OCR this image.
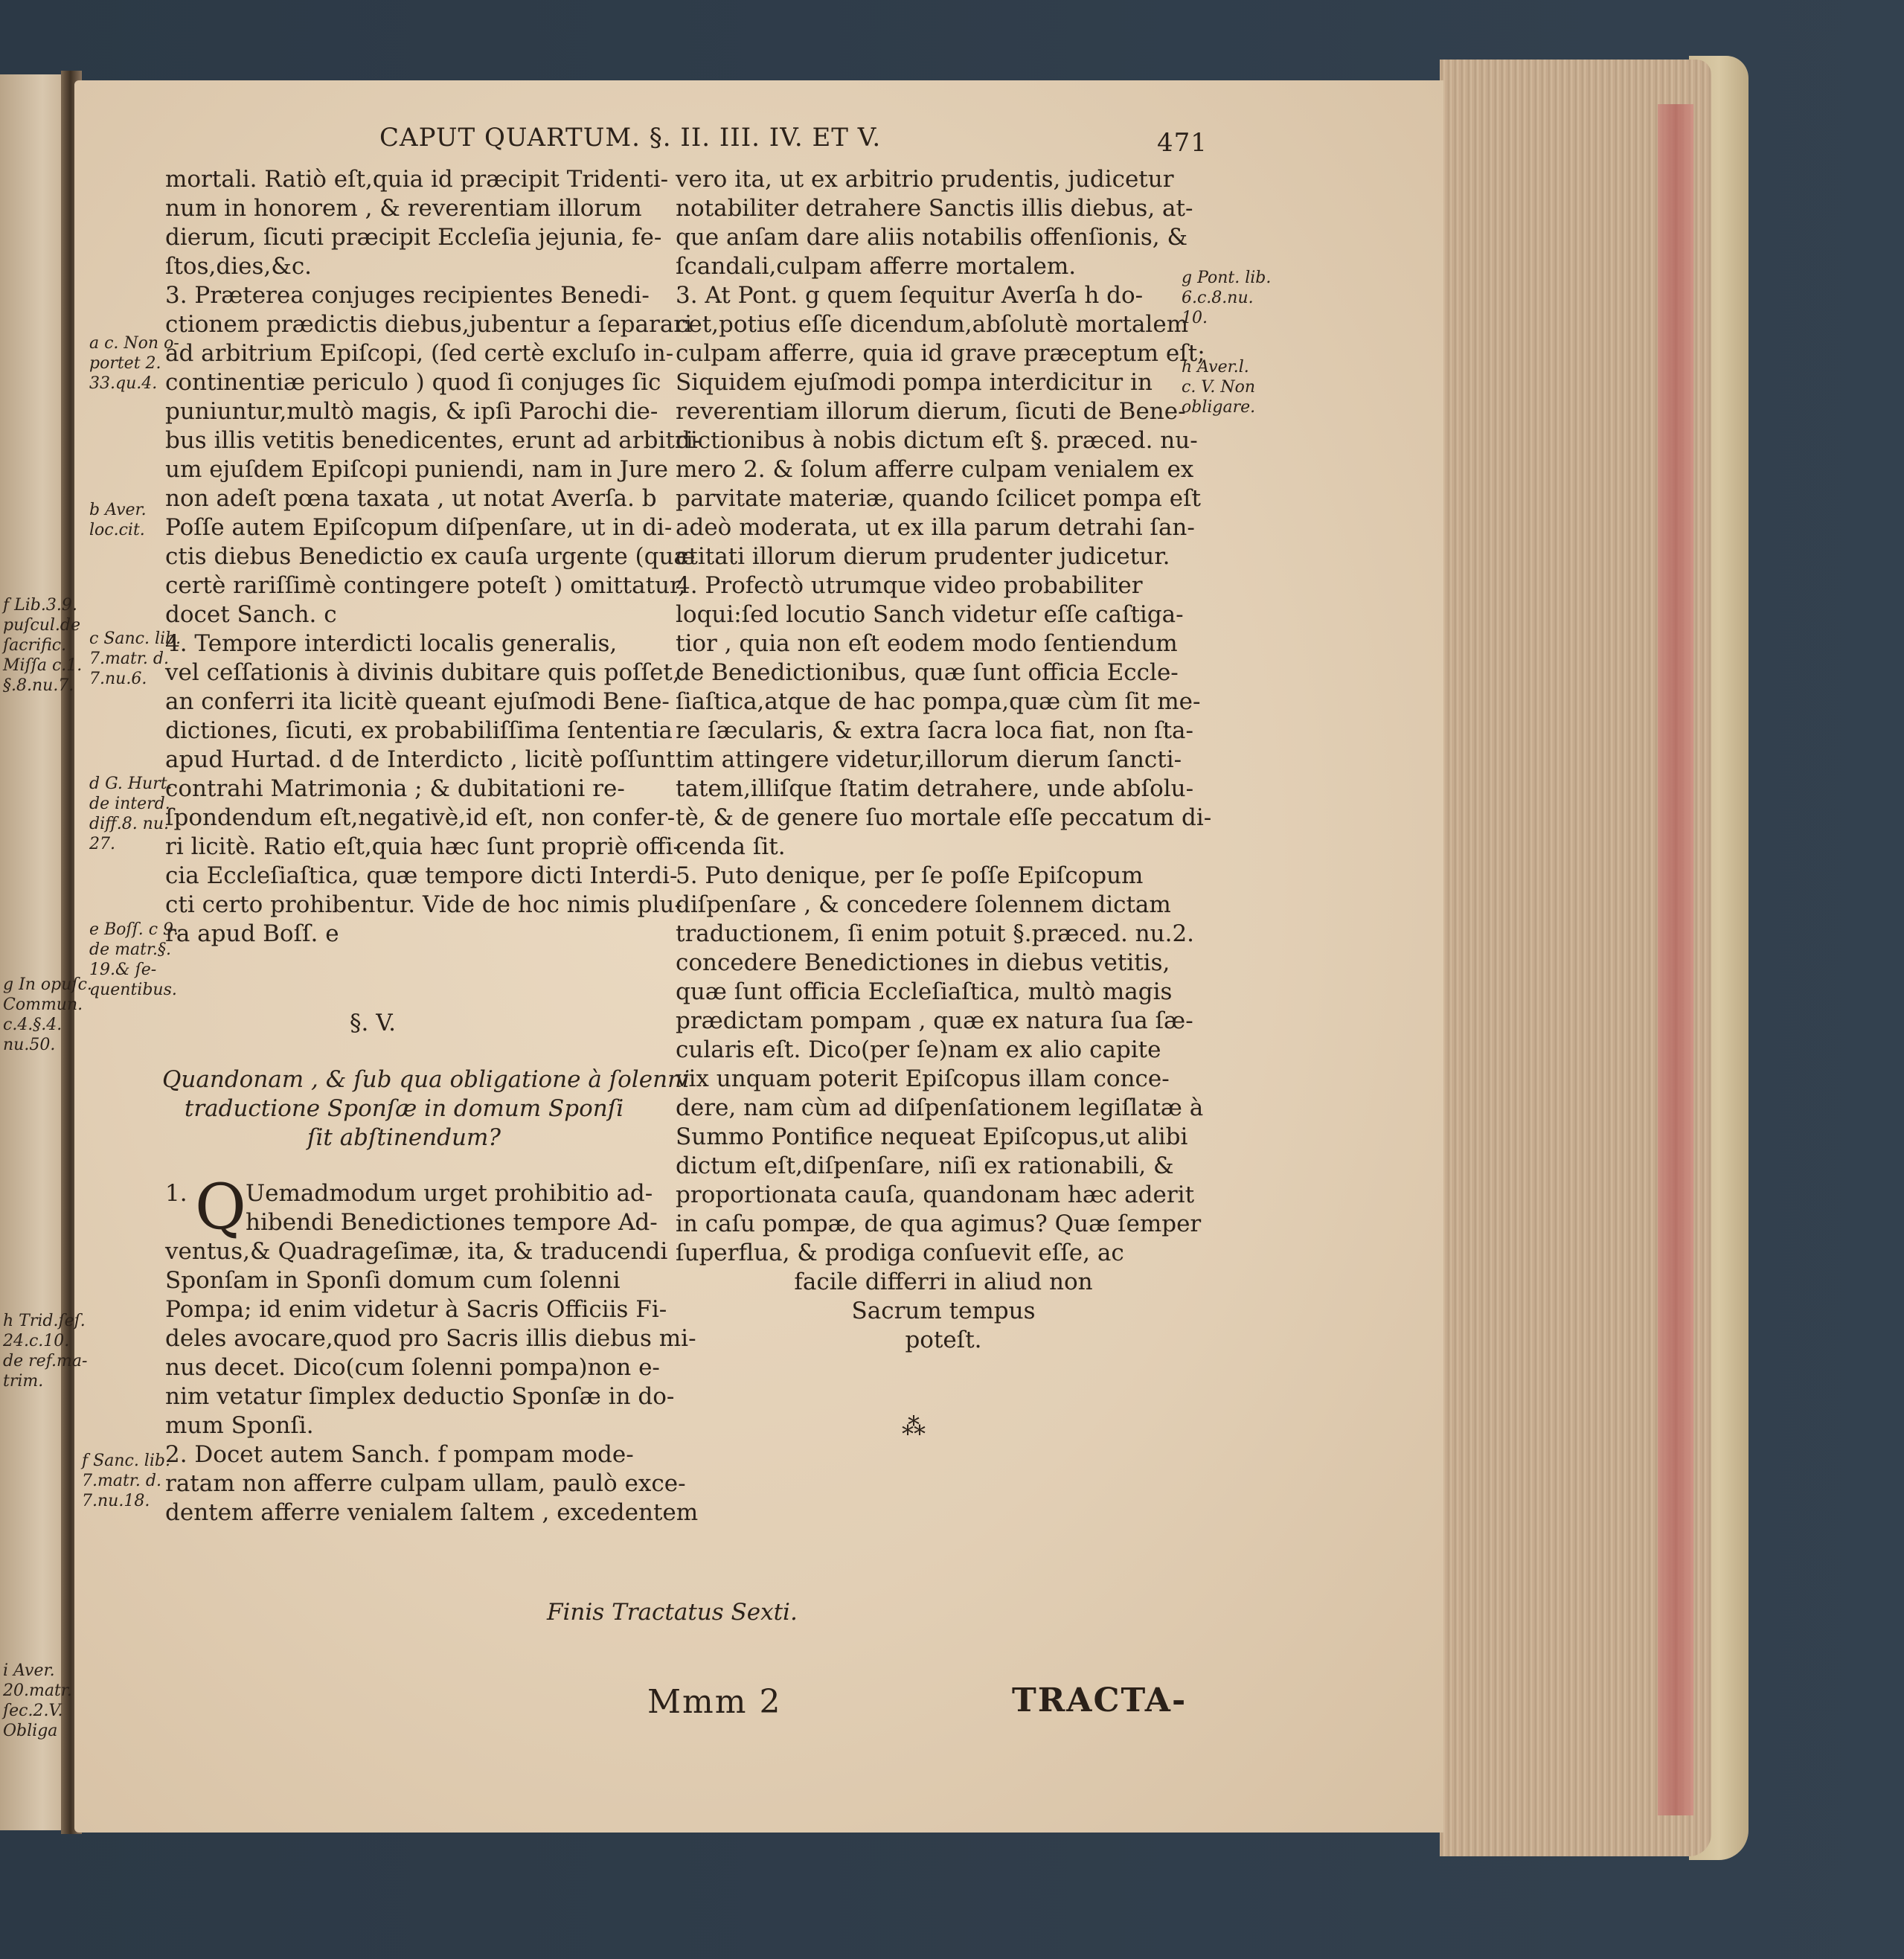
f Lib.3.9.
puſcul.de
ſacrific.
Miſſa c.1.
§.8.nu.7.
g In opuſc.
Commun.
c.4.§.4.
nu.50.
h Trid.ſeſ.
24.c.10.
de ref.ma-
trim.
i Aver.
20.matr.
ſec.2.V.
Obliga
CAPUT QUARTUM. §. II. III. IV. ET V.	471
mortali. Ratiò eſt,quia id præcipit Tridenti-
num in honorem , & reverentiam illorum
dierum, ſicuti præcipit Eccleſia jejunia, fe-
ſtos,dies,&c.
3. Præterea conjuges recipientes Benedi-
ctionem prædictis diebus,jubentur a ſeparari
ad arbitrium Epiſcopi, (ſed certè excluſo in-
continentiæ periculo ) quod ſi conjuges ſic
puniuntur,multò magis, & ipſi Parochi die-
bus illis vetitis benedicentes, erunt ad arbitri-
um ejuſdem Epiſcopi puniendi, nam in Jure
non adeſt pœna taxata , ut notat Averſa. b
Poſſe autem Epiſcopum diſpenſare, ut in di-
ctis diebus Benedictio ex cauſa urgente (quæ
certè rariſſimè contingere poteſt ) omittatur,
docet Sanch. c
4. Tempore interdicti localis generalis,
vel ceſſationis à divinis dubitare quis poſſet,
an conferri ita licitè queant ejuſmodi Bene-
dictiones, ſicuti, ex probabiliſſima ſententia
apud Hurtad. d de Interdicto , licitè poſſunt
contrahi Matrimonia ; & dubitationi re-
ſpondendum eſt,negativè,id eſt, non confer-
ri licitè. Ratio eſt,quia hæc ſunt propriè offi-
cia Eccleſiaſtica, quæ tempore dicti Interdi-
cti certo prohibentur. Vide de hoc nimis plu-
ra apud Boſſ. e
§. V.
Quandonam , & ſub qua obligatione à ſolenni
traductione Sponſæ in domum Sponſi
ſit abſtinendum?
Q
1.	Uemadmodum urget prohibitio ad-
hibendi Benedictiones tempore Ad-
ventus,& Quadrageſimæ, ita, & traducendi
Sponſam in Sponſi domum cum ſolenni
Pompa; id enim videtur à Sacris Officiis Fi-
deles avocare,quod pro Sacris illis diebus mi-
nus decet. Dico(cum ſolenni pompa)non e-
nim vetatur ſimplex deductio Sponſæ in do-
mum Sponſi.
2. Docet autem Sanch. f pompam mode-
ratam non afferre culpam ullam, paulò exce-
dentem afferre venialem ſaltem , excedentem
vero ita, ut ex arbitrio prudentis, judicetur
notabiliter detrahere Sanctis illis diebus, at-
que anſam dare aliis notabilis offenſionis, &
ſcandali,culpam afferre mortalem.
3. At Pont. g quem ſequitur Averſa h do-
cet,potius eſſe dicendum,abſolutè mortalem
culpam afferre, quia id grave præceptum eſt;
Siquidem ejuſmodi pompa interdicitur in
reverentiam illorum dierum, ſicuti de Bene-
dictionibus à nobis dictum eſt §. præced. nu-
mero 2. & ſolum afferre culpam venialem ex
parvitate materiæ, quando ſcilicet pompa eſt
adeò moderata, ut ex illa parum detrahi ſan-
ctitati illorum dierum prudenter judicetur.
4. Profectò utrumque video probabiliter
loqui:ſed locutio Sanch videtur eſſe caſtiga-
tior , quia non eſt eodem modo ſentiendum
de Benedictionibus, quæ ſunt officia Eccle-
ſiaſtica,atque de hac pompa,quæ cùm ſit me-
re ſæcularis, & extra ſacra loca fiat, non ſta-
tim attingere videtur,illorum dierum ſancti-
tatem,illiſque ſtatim detrahere, unde abſolu-
tè, & de genere ſuo mortale eſſe peccatum di-
cenda ſit.
5. Puto denique, per ſe poſſe Epiſcopum
diſpenſare , & concedere ſolennem dictam
traductionem, ſi enim potuit §.præced. nu.2.
concedere Benedictiones in diebus vetitis,
quæ ſunt officia Eccleſiaſtica, multò magis
prædictam pompam , quæ ex natura ſua ſæ-
cularis eſt. Dico(per ſe)nam ex alio capite
vix unquam poterit Epiſcopus illam conce-
dere, nam cùm ad diſpenſationem legiſlatæ à
Summo Pontifice nequeat Epiſcopus,ut alibi
dictum eſt,diſpenſare, niſi ex rationabili, &
proportionata cauſa, quandonam hæc aderit
in caſu pompæ, de qua agimus? Quæ ſemper
ſuperflua, & prodiga conſuevit eſſe, ac
facile differri in aliud non
Sacrum tempus
poteſt.
⁂
a c. Non o-
portet 2.
33.qu.4.
b Aver.
loc.cit.
c Sanc. lib.
7.matr. d.
7.nu.6.
d G. Hurt.
de interd.
diff.8. nu.
27.
e Boſſ. c 9.
de matr.§.
19.& ſe-
quentibus.
f Sanc. lib.
7.matr. d.
7.nu.18.
g Pont. lib.
6.c.8.nu.
10.
h Aver.l.
c. V. Non
obligare.
Finis Tractatus Sexti.
Mmm 2	TRACTA-
